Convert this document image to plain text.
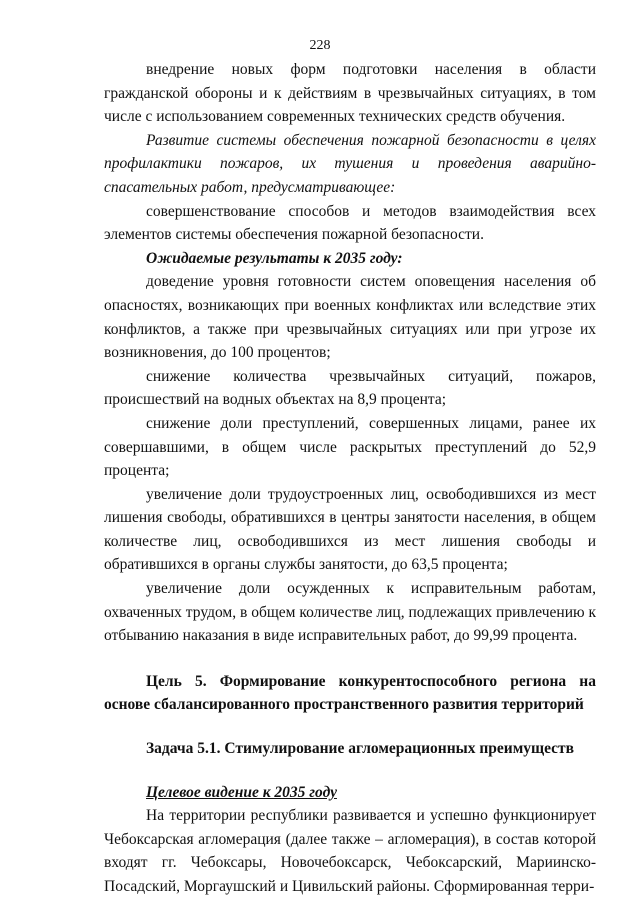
228

внедрение новых форм подготовки населения в области гражданской обороны и к действиям в чрезвычайных ситуациях, в том числе с использованием современных технических средств обучения.

Развитие системы обеспечения пожарной безопасности в целях профилактики пожаров, их тушения и проведения аварийно-спасательных работ, предусматривающее:

совершенствование способов и методов взаимодействия всех элементов системы обеспечения пожарной безопасности.

Ожидаемые результаты к 2035 году:

доведение уровня готовности систем оповещения населения об опасностях, возникающих при военных конфликтах или вследствие этих конфликтов, а также при чрезвычайных ситуациях или при угрозе их возникновения, до 100 процентов;

снижение количества чрезвычайных ситуаций, пожаров, происшествий на водных объектах на 8,9 процента;

снижение доли преступлений, совершенных лицами, ранее их совершавшими, в общем числе раскрытых преступлений до 52,9 процента;

увеличение доли трудоустроенных лиц, освободившихся из мест лишения свободы, обратившихся в центры занятости населения, в общем количестве лиц, освободившихся из мест лишения свободы и обратившихся в органы службы занятости, до 63,5 процента;

увеличение доли осужденных к исправительным работам, охваченных трудом, в общем количестве лиц, подлежащих привлечению к отбыванию наказания в виде исправительных работ, до 99,99 процента.

Цель 5. Формирование конкурентоспособного региона на основе сбалансированного пространственного развития территорий

Задача 5.1. Стимулирование агломерационных преимуществ

Целевое видение к 2035 году

На территории республики развивается и успешно функционирует Чебоксарская агломерация (далее также – агломерация), в состав которой входят гг. Чебоксары, Новочебоксарск, Чебоксарский, Мариинско-Посадский, Моргаушский и Цивильский районы. Сформированная терри-
